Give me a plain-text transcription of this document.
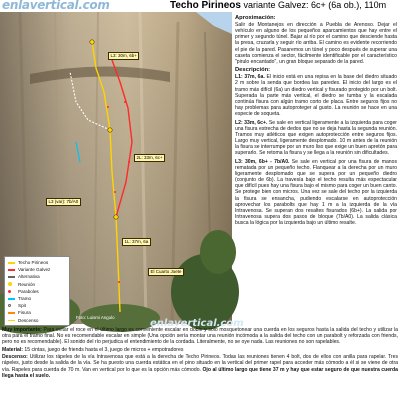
enlavertical.com	Techo Pirineos variante Galvez: 6c+ (6a ob.), 110m
1L: 37m, 6a
2L: 33m, 6c+
L3 (var): 7b/A0
L3: 30m, 6b+
El Cuarto Joete
Techo Pirineos
Variante Galvez
Alternativa
Reunión
Paraboles
Tramo
Spit
Fisura
Descenso
Foto: Luismi Angulo
enlavertical.com
Aproximación:

Salir de Montanejos en dirección a Puebla de Arenoso. Dejar el vehículo en alguno de los pequeños aparcamientos que hay entre el primer y segundo túnel. Bajar al río por el camino que desciende hasta la presa, cruzarla y seguir río arriba. El camino es evidente recorriendo el pie de la pared. Pasaremos un túnel y poco después de superar una caseta comienza el sector, fácilmente identificable por el característico "pirulo encantado", un gran bloque separado de la pared.

Descripción:

L1: 37m, 6a. El inicio está en una repisa en la base del diedro situado 2 m sobre la senda que bordea las paredes. El inicio del largo es el tramo más difícil (6a) un diedro vertical y fisurado protegido por un bolt. Superada la parte más vertical, el diedro se tumba y la escalada continúa fisura con algún tramo corto de placa. Entre seguros fijos no hay problemas para autoproteger al gusto. La reunión se hace en una especie de soqueta.

L2: 33m, 6c+. Se sale en vertical ligeramente a la izquierda para coger una fisura estrecha de dedos que no se deja hasta la segunda reunión. Tramos muy atléticos que exigen autoprotección entre seguros fijos. Largo muy vertical, ligeramente desplomado. 10 m antes de la reunión la fisura se interrumpe por un muro liso que exige un buen apretón para superarlo. Se retoma la fisura y se llega a la reunión sin dificultades.

L3: 30m, 6b+ - 7b/A0. Se sale en vertical por una fisura de manos rematada por un pequeño techo. Flanquear a la derecha por un muro ligeramente desplomado que se supera por un pequeño diedro (conjunto de 6b). La travesía bajo el techo resulta más espectacular que difícil pues hay una fisura bajo el mismo para coger un buen canto. Se protege bien con micros. Una vez se sale del techo por la izquierda la fisura se ensancha, pudiendo escalarse en autoprotección aprovechar los parabolts que hay 1 m a la izquierda de la vía Intravenosa. Se superan dos resaltes fisurados (6b+). La salida por Intravenosa supera dos pasos de bloque (7b/A0). La salida clásica busca la lógica por la izquierda bajo un último resalte.

Muy importante: Para evitar el roce en el último largo es conveniente escalar en doble y solo mosquetonear una cuerda en los seguros hasta la salida del techo y utilizar la otra para el tramo final. No es recomendable escalar en simple (Una opción sería montar una reunión incómoda a la salida del techo con un parabolt y reforzada con friends, pero no es recomendable). El sonido del río perjudica el entendimiento de la cordada. Literalmente, no se oye nada. Las reuniones no son rapelables.

Material: 15 cintas, juego de friends hasta el 3, juego de micros + empotradores

Descenso: Utilizar los rápeles de la vía Intravenosa que está a la derecha de Techo Pirineos. Todas las reuniones tienen 4 bolt, dos de ellos con anilla para rapelar. Tres rápeles, justo desde la salida de la vía. Se ha puesto una cuerda estática en el pino situado en la vertical del primer rapel para acceder más cómodo a él si se viene de otra vía. Rapeles para cuerda de 70 m. Van en vertical por lo que es la opción más cómodo. Ojo al último largo que tiene 37 m y hay que estar seguro de que nuestra cuerda llega hasta el suelo.
